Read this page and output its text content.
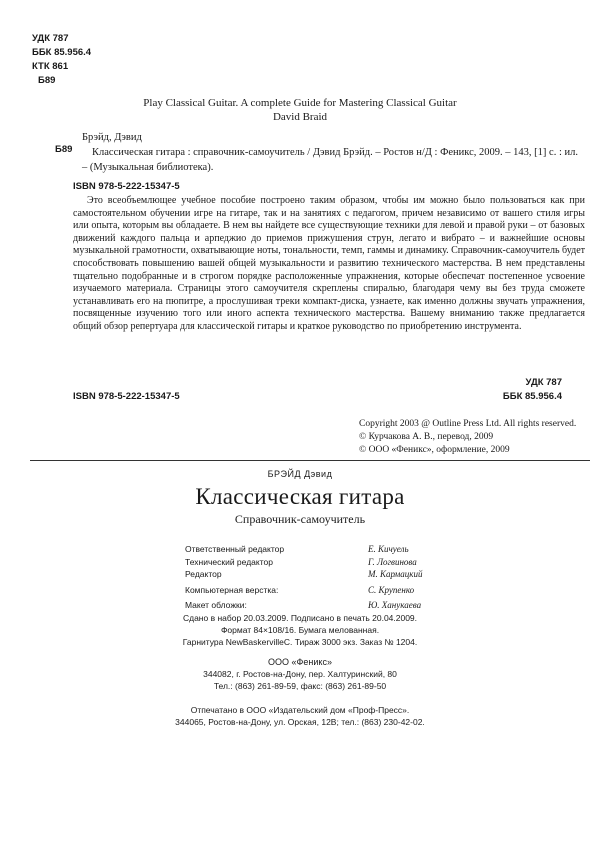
УДК 787
ББК 85.956.4
КТК 861
Б89
Play Classical Guitar. A complete Guide for Mastering Classical Guitar
David Braid
Б89
Брэйд, Дэвид
Классическая гитара : справочник-самоучитель / Дэвид Брэйд. – Ростов н/Д : Феникс, 2009. – 143, [1] с. : ил. – (Музыкальная библиотека).
ISBN 978-5-222-15347-5
Это всеобъемлющее учебное пособие построено таким образом, чтобы им можно было пользоваться как при самостоятельном обучении игре на гитаре, так и на занятиях с педагогом, причем независимо от вашего стиля игры или опыта, которым вы обладаете. В нем вы найдете все существующие техники для левой и правой руки – от базовых движений каждого пальца и арпеджио до приемов прижушения струн, легато и вибрато – и важнейшие основы музыкальной грамотности, охватывающие ноты, тональности, темп, гаммы и динамику. Справочник-самоучитель будет способствовать повышению вашей общей музыкальности и развитию технического мастерства. В нем представлены тщательно подобранные и в строгом порядке расположенные упражнения, которые обеспечат постепенное усвоение изучаемого материала. Страницы этого самоучителя скреплены спиралью, благодаря чему вы без труда сможете устанавливать его на пюпитре, а прослушивая треки компакт-диска, узнаете, как именно должны звучать упражнения, посвященные изучению того или иного аспекта технического мастерства. Вашему вниманию также предлагается общий обзор репертуара для классической гитары и краткое руководство по приобретению инструмента.
ISBN 978-5-222-15347-5
УДК 787
ББК 85.956.4
Copyright 2003 @ Outline Press Ltd. All rights reserved.
© Курчакова А. В., перевод, 2009
© ООО «Феникс», оформление, 2009
БРЭЙД Дэвид
Классическая гитара
Справочник-самоучитель
Ответственный редактор	Е. Кичуель
Технический редактор	Г. Логвинова
Редактор	М. Кармацкий
Компьютерная верстка:	С. Крупенко
Макет обложки:	Ю. Ханукаева
Сдано в набор 20.03.2009. Подписано в печать 20.04.2009.
Формат 84×108/16. Бумага мелованная.
Гарнитура NewBaskervilleC. Тираж 3000 экз. Заказ № 1204.
ООО «Феникс»
344082, г. Ростов-на-Дону, пер. Халтуринский, 80
Тел.: (863) 261-89-59, факс: (863) 261-89-50
Отпечатано в ООО «Издательский дом «Проф-Пресс».
344065, Ростов-на-Дону, ул. Орская, 12В; тел.: (863) 230-42-02.
